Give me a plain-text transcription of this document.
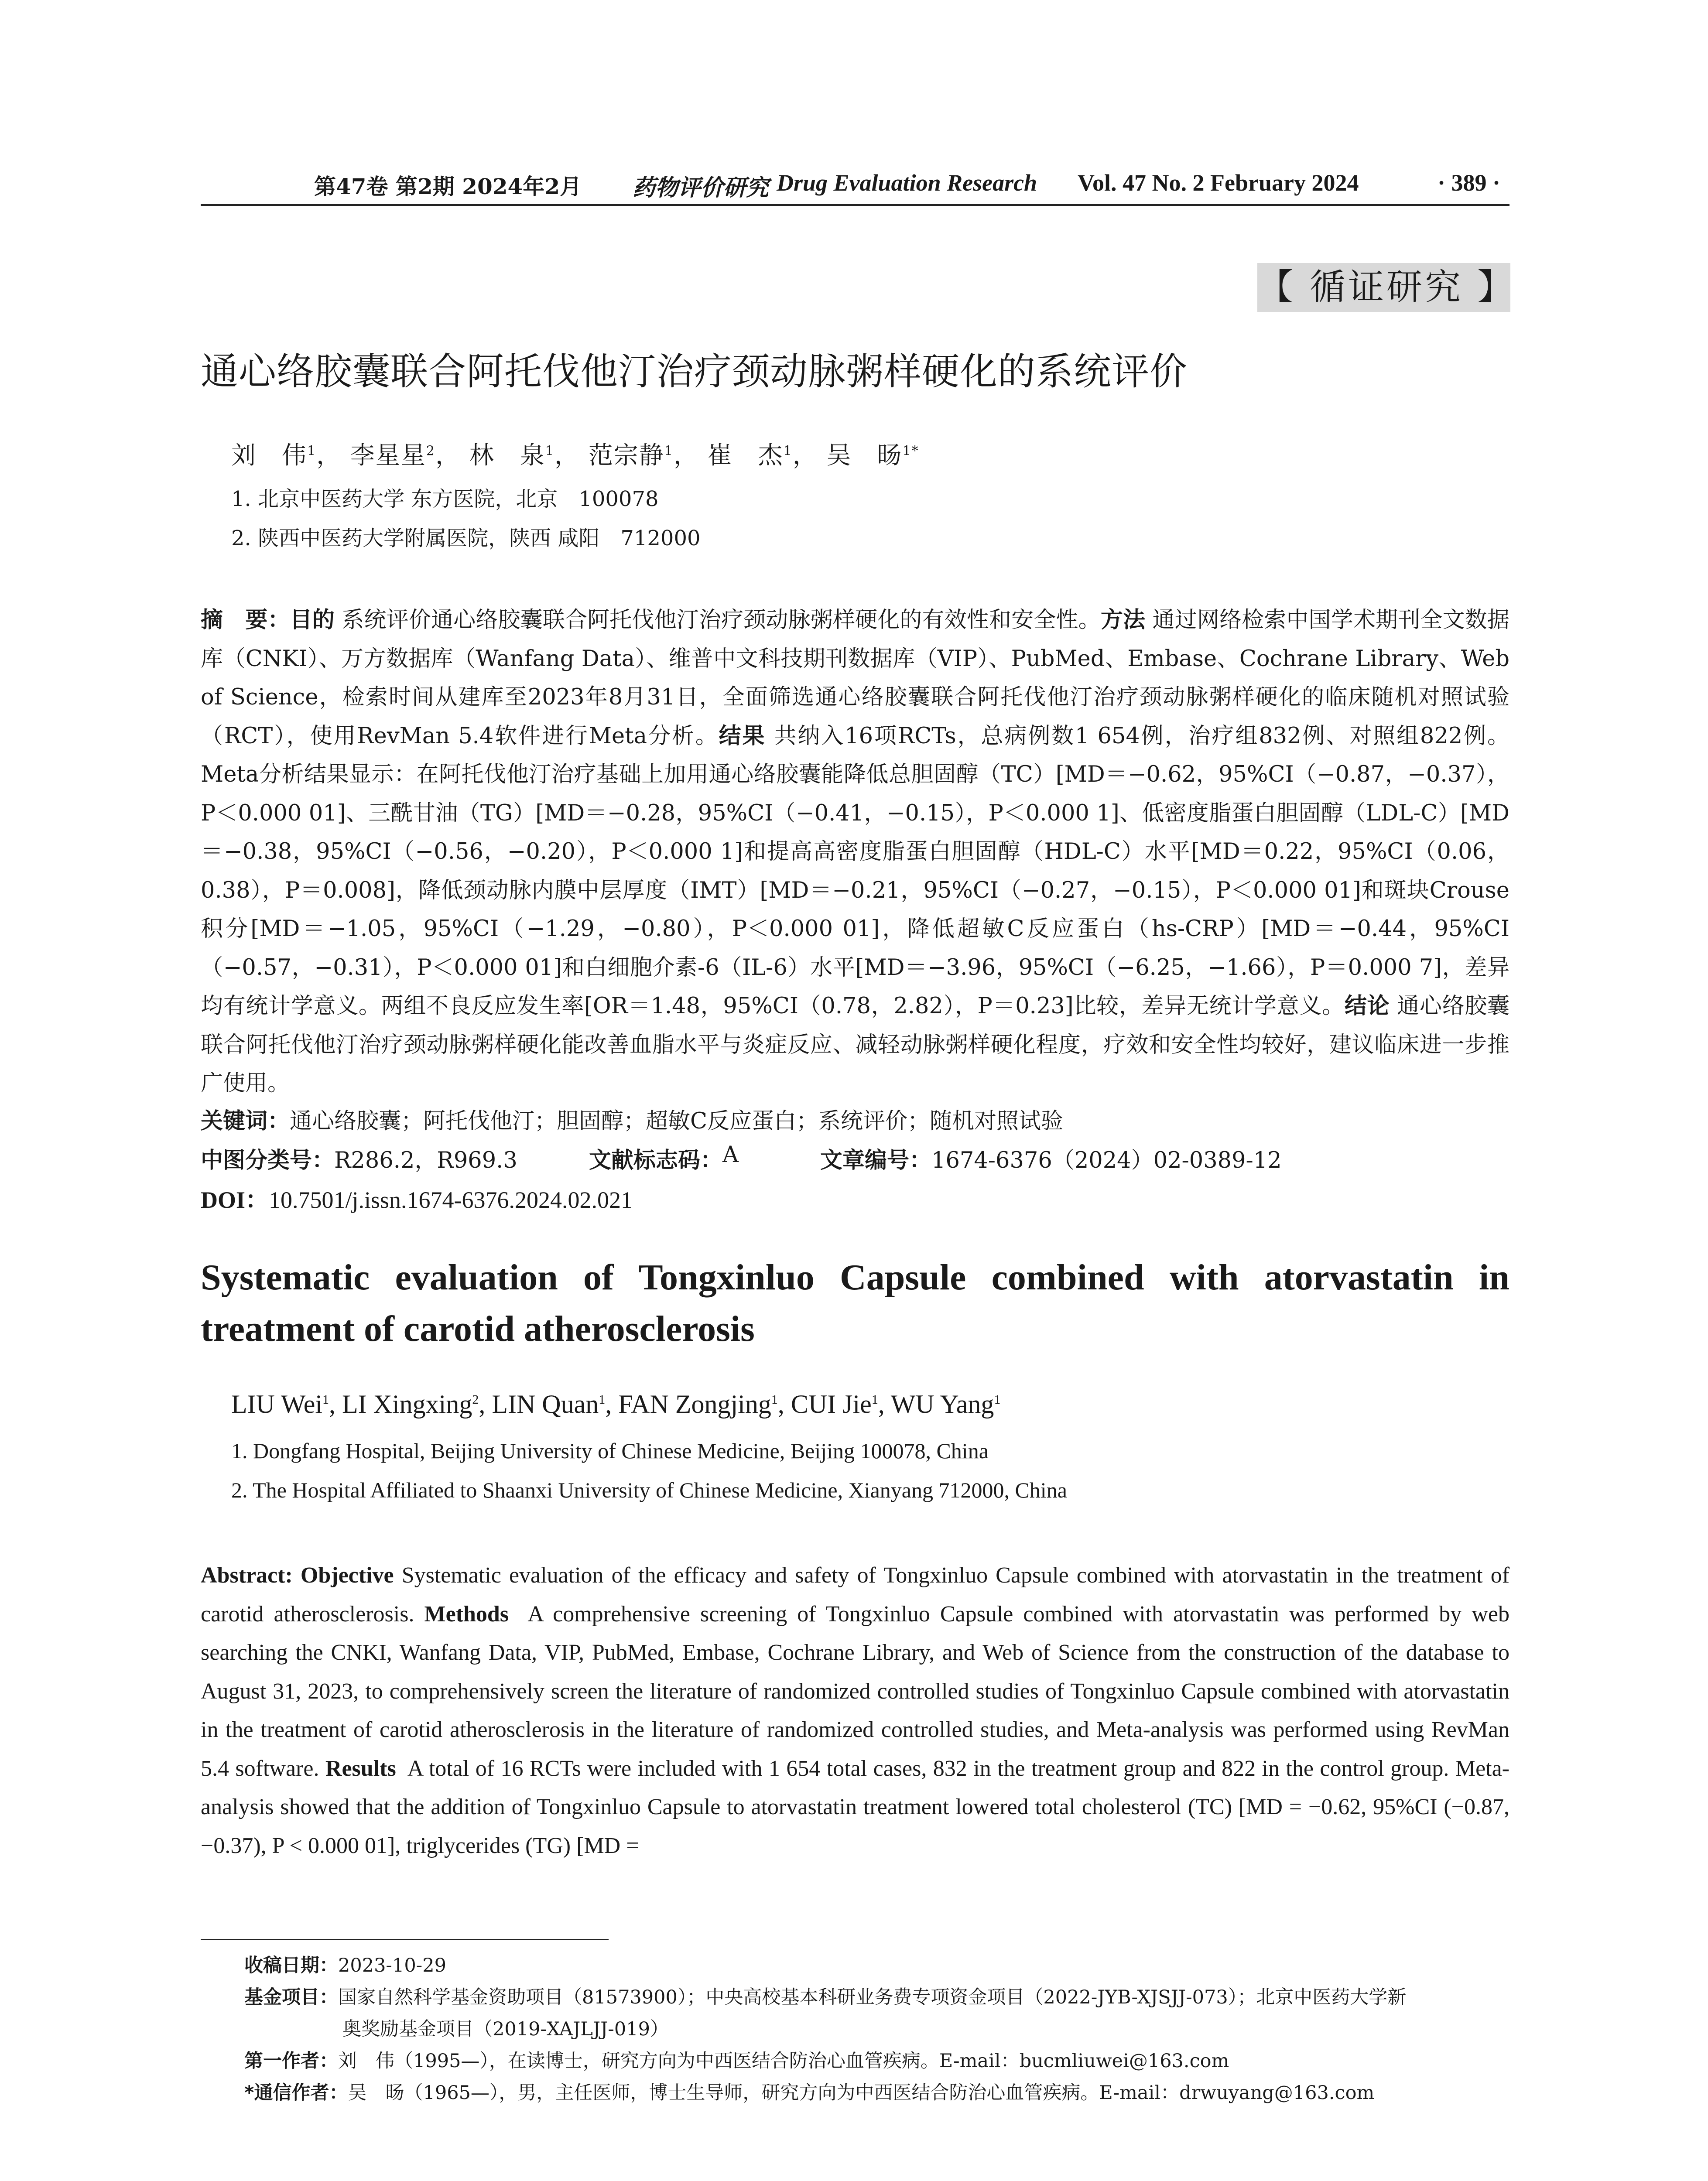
第47卷 第2期 2024年2月 药物评价研究 Drug Evaluation Research Vol. 47 No. 2 February 2024	· 389 ·
【 循证研究 】
通心络胶囊联合阿托伐他汀治疗颈动脉粥样硬化的系统评价
刘　伟$^1$， 李星星$^2$， 林　泉$^1$， 范宗静$^1$， 崔　杰$^1$， 吴　旸$^{1*}$
1. 北京中医药大学 东方医院，北京　100078
2. 陕西中医药大学附属医院，陕西 咸阳　712000
摘　要：目的 系统评价通心络胶囊联合阿托伐他汀治疗颈动脉粥样硬化的有效性和安全性。方法 通过网络检索中国学术期刊全文数据库（CNKI）、万方数据库（Wanfang Data）、维普中文科技期刊数据库（VIP）、PubMed、Embase、Cochrane Library、Web of Science，检索时间从建库至2023年8月31日，全面筛选通心络胶囊联合阿托伐他汀治疗颈动脉粥样硬化的临床随机对照试验（RCT），使用RevMan 5.4软件进行Meta分析。结果 共纳入16项RCTs，总病例数1 654例，治疗组832例、对照组822例。Meta分析结果显示：在阿托伐他汀治疗基础上加用通心络胶囊能降低总胆固醇（TC）[MD＝−0.62，95%CI（−0.87，−0.37），P＜0.000 01]、三酰甘油（TG）[MD＝−0.28，95%CI（−0.41，−0.15），P＜0.000 1]、低密度脂蛋白胆固醇（LDL-C）[MD＝−0.38，95%CI（−0.56，−0.20），P＜0.000 1]和提高高密度脂蛋白胆固醇（HDL-C）水平[MD＝0.22，95%CI（0.06，0.38），P＝0.008]，降低颈动脉内膜中层厚度（IMT）[MD＝−0.21，95%CI（−0.27，−0.15），P＜0.000 01]和斑块Crouse积分[MD＝−1.05，95%CI（−1.29，−0.80），P＜0.000 01]，降低超敏C反应蛋白（hs-CRP）[MD＝−0.44，95%CI（−0.57，−0.31），P＜0.000 01]和白细胞介素-6（IL-6）水平[MD＝−3.96，95%CI（−6.25，−1.66），P＝0.000 7]，差异均有统计学意义。两组不良反应发生率[OR＝1.48，95%CI（0.78，2.82），P＝0.23]比较，差异无统计学意义。结论 通心络胶囊联合阿托伐他汀治疗颈动脉粥样硬化能改善血脂水平与炎症反应、减轻动脉粥样硬化程度，疗效和安全性均较好，建议临床进一步推广使用。
关键词：通心络胶囊；阿托伐他汀；胆固醇；超敏C反应蛋白；系统评价；随机对照试验
中图分类号： R286.2，R969.3	文献标志码： A	文章编号： 1674-6376（2024）02-0389-12
DOI：10.7501/j.issn.1674-6376.2024.02.021
Systematic evaluation of Tongxinluo Capsule combined with atorvastatin in treatment of carotid atherosclerosis
LIU Wei$^1$, LI Xingxing$^2$, LIN Quan$^1$, FAN Zongjing$^1$, CUI Jie$^1$, WU Yang$^1$
1. Dongfang Hospital, Beijing University of Chinese Medicine, Beijing 100078, China
2. The Hospital Affiliated to Shaanxi University of Chinese Medicine, Xianyang 712000, China
Abstract: Objective Systematic evaluation of the efficacy and safety of Tongxinluo Capsule combined with atorvastatin in the treatment of carotid atherosclerosis. Methods A comprehensive screening of Tongxinluo Capsule combined with atorvastatin was performed by web searching the CNKI, Wanfang Data, VIP, PubMed, Embase, Cochrane Library, and Web of Science from the construction of the database to August 31, 2023, to comprehensively screen the literature of randomized controlled studies of Tongxinluo Capsule combined with atorvastatin in the treatment of carotid atherosclerosis in the literature of randomized controlled studies, and Meta-analysis was performed using RevMan 5.4 software. Results A total of 16 RCTs were included with 1 654 total cases, 832 in the treatment group and 822 in the control group. Meta-analysis showed that the addition of Tongxinluo Capsule to atorvastatin treatment lowered total cholesterol (TC) [MD = −0.62, 95%CI (−0.87, −0.37), P < 0.000 01], triglycerides (TG) [MD =
收稿日期：2023-10-29
基金项目：国家自然科学基金资助项目（81573900）；中央高校基本科研业务费专项资金项目（2022-JYB-XJSJJ-073）；北京中医药大学新
奥奖励基金项目（2019-XAJLJJ-019）
第一作者：刘　伟（1995—），在读博士，研究方向为中西医结合防治心血管疾病。E-mail：bucmliuwei@163.com
*通信作者：吴　旸（1965—），男，主任医师，博士生导师，研究方向为中西医结合防治心血管疾病。E-mail：drwuyang@163.com
